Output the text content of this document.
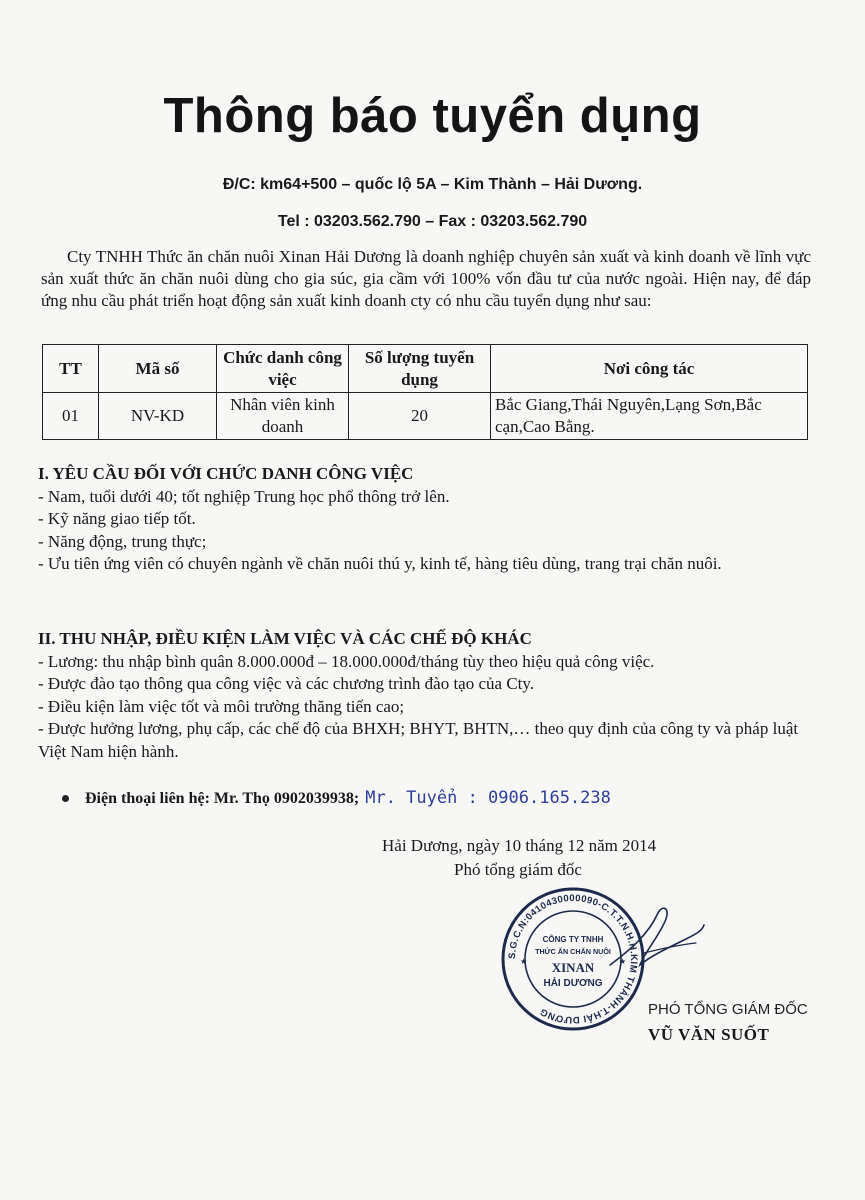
Thông báo tuyển dụng
Đ/C: km64+500 – quốc lộ 5A – Kim Thành – Hải Dương.
Tel : 03203.562.790 – Fax : 03203.562.790
Cty TNHH Thức ăn chăn nuôi Xinan Hải Dương là doanh nghiệp chuyên sản xuất và kinh doanh về lĩnh vực sản xuất thức ăn chăn nuôi dùng cho gia súc, gia cầm với 100% vốn đầu tư của nước ngoài. Hiện nay, để đáp ứng nhu cầu phát triển hoạt động sản xuất kinh doanh cty có nhu cầu tuyển dụng như sau:
TT	Mã số	Chức danh công việc	Số lượng tuyển dụng	Nơi công tác
01	NV-KD	Nhân viên kinh doanh	20	Bắc Giang,Thái Nguyên,Lạng Sơn,Bắc cạn,Cao Bằng.
I. YÊU CẦU ĐỐI VỚI CHỨC DANH CÔNG VIỆC
- Nam, tuổi dưới 40; tốt nghiệp Trung học phổ thông trở lên.
- Kỹ năng giao tiếp tốt.
- Năng động, trung thực;
- Ưu tiên ứng viên có chuyên ngành về chăn nuôi thú y, kinh tế, hàng tiêu dùng, trang trại chăn nuôi.
II. THU NHẬP, ĐIỀU KIỆN LÀM VIỆC VÀ CÁC CHẾ ĐỘ KHÁC
- Lương: thu nhập bình quân 8.000.000đ – 18.000.000đ/tháng tùy theo hiệu quả công việc.
- Được đào tạo thông qua công việc và các chương trình đào tạo của Cty.
- Điều kiện làm việc tốt và môi trường thăng tiến cao;
- Được hưởng lương, phụ cấp, các chế độ của BHXH; BHYT, BHTN,… theo quy định của công ty và pháp luật Việt Nam hiện hành.
Điện thoại liên hệ: Mr. Thọ 0902039938; Mr. Tuyển : 0906.165.238
Hải Dương, ngày 10 tháng 12 năm 2014
Phó tổng giám đốc
S.G.C.N:0410430000090-C.T.T.N.H.H.KIM THÀNH-T.HẢI DƯƠNG
CÔNG TY TNHH
THỨC ĂN CHĂN NUÔI
XINAN
HẢI DƯƠNG
★	★
PHÓ TỔNG GIÁM ĐỐC
VŨ VĂN SUỐT
